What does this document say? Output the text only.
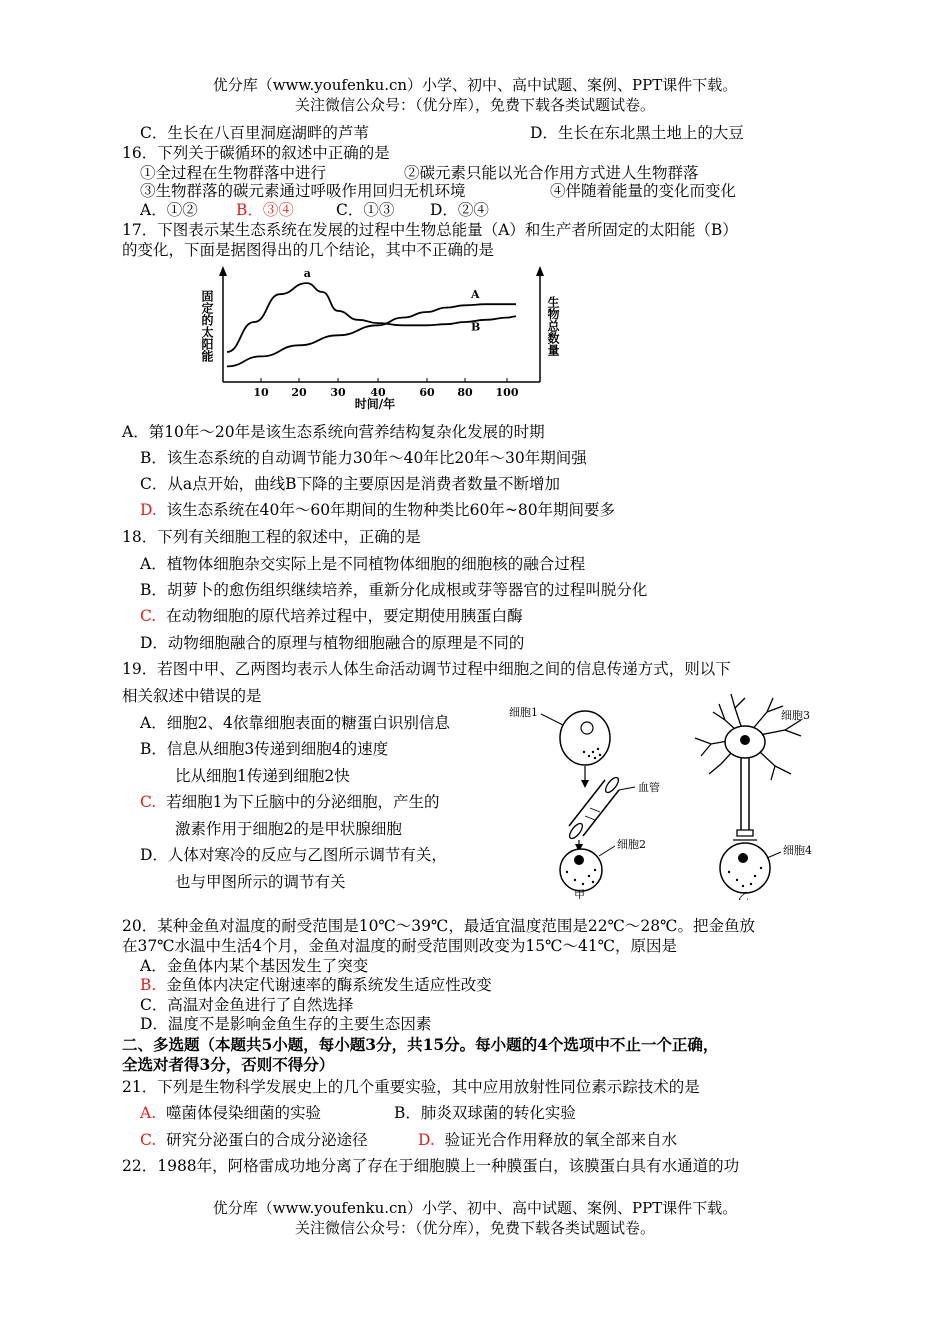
优分库（www.youfenku.cn）小学、初中、高中试题、案例、PPT课件下载。
关注微信公众号：（优分库），免费下载各类试题试卷。
C．生长在八百里洞庭湖畔的芦苇	D．生长在东北黑土地上的大豆
16．下列关于碳循环的叙述中正确的是
①全过程在生物群落中进行	②碳元素只能以光合作用方式进人生物群落
③生物群落的碳元素通过呼吸作用回归无机环境	④伴随着能量的变化而变化
A．①② B．③④	C．①③ D．②④
17．下图表示某生态系统在发展的过程中生物总能量（A）和生产者所固定的太阳能（B）
的变化，下面是据图得出的几个结论，其中不正确的是
固定的太阳能	生物总数量
时间/年
10 20 30 40	60 80 100
A
B
a
A．第10年～20年是该生态系统向营养结构复杂化发展的时期
B．该生态系统的自动调节能力30年～40年比20年～30年期间强
C．从a点开始，曲线B下降的主要原因是消费者数量不断增加
D. 该生态系统在40年～60年期间的生物种类比60年~80年期间要多
18．下列有关细胞工程的叙述中，正确的是
A．植物体细胞杂交实际上是不同植物体细胞的细胞核的融合过程
B．胡萝卜的愈伤组织继续培养，重新分化成根或芽等器官的过程叫脱分化
C. 在动物细胞的原代培养过程中，要定期使用胰蛋白酶
D．动物细胞融合的原理与植物细胞融合的原理是不同的
19．若图中甲、乙两图均表示人体生命活动调节过程中细胞之间的信息传递方式，则以下
相关叙述中错误的是
A．细胞2、4依靠细胞表面的糖蛋白识别信息
B．信息从细胞3传递到细胞4的速度
比从细胞1传递到细胞2快
C. 若细胞1为下丘脑中的分泌细胞，产生的
激素作用于细胞2的是甲状腺细胞
D．人体对寒冷的反应与乙图所示调节有关，
也与甲图所示的调节有关
细胞1
血管
细胞2
甲
细胞3
细胞4
乙
20．某种金鱼对温度的耐受范围是10℃～39℃，最适宜温度范围是22℃～28℃。把金鱼放
在37℃水温中生活4个月，金鱼对温度的耐受范围则改变为15℃～41℃，原因是
A．金鱼体内某个基因发生了突变
B. 金鱼体内决定代谢速率的酶系统发生适应性改变
C．高温对金鱼进行了自然选择
D．温度不是影响金鱼生存的主要生态因素
二、多选题（本题共5小题，每小题3分，共15分。每小题的4个选项中不止一个正确，
全选对者得3分，否则不得分）
21．下列是生物科学发展史上的几个重要实验，其中应用放射性同位素示踪技术的是
A. 噬菌体侵染细菌的实验	B．肺炎双球菌的转化实验
C. 研究分泌蛋白的合成分泌途径	D. 验证光合作用释放的氧全部来自水
22．1988年，阿格雷成功地分离了存在于细胞膜上一种膜蛋白，该膜蛋白具有水通道的功
优分库（www.youfenku.cn）小学、初中、高中试题、案例、PPT课件下载。
关注微信公众号：（优分库），免费下载各类试题试卷。
